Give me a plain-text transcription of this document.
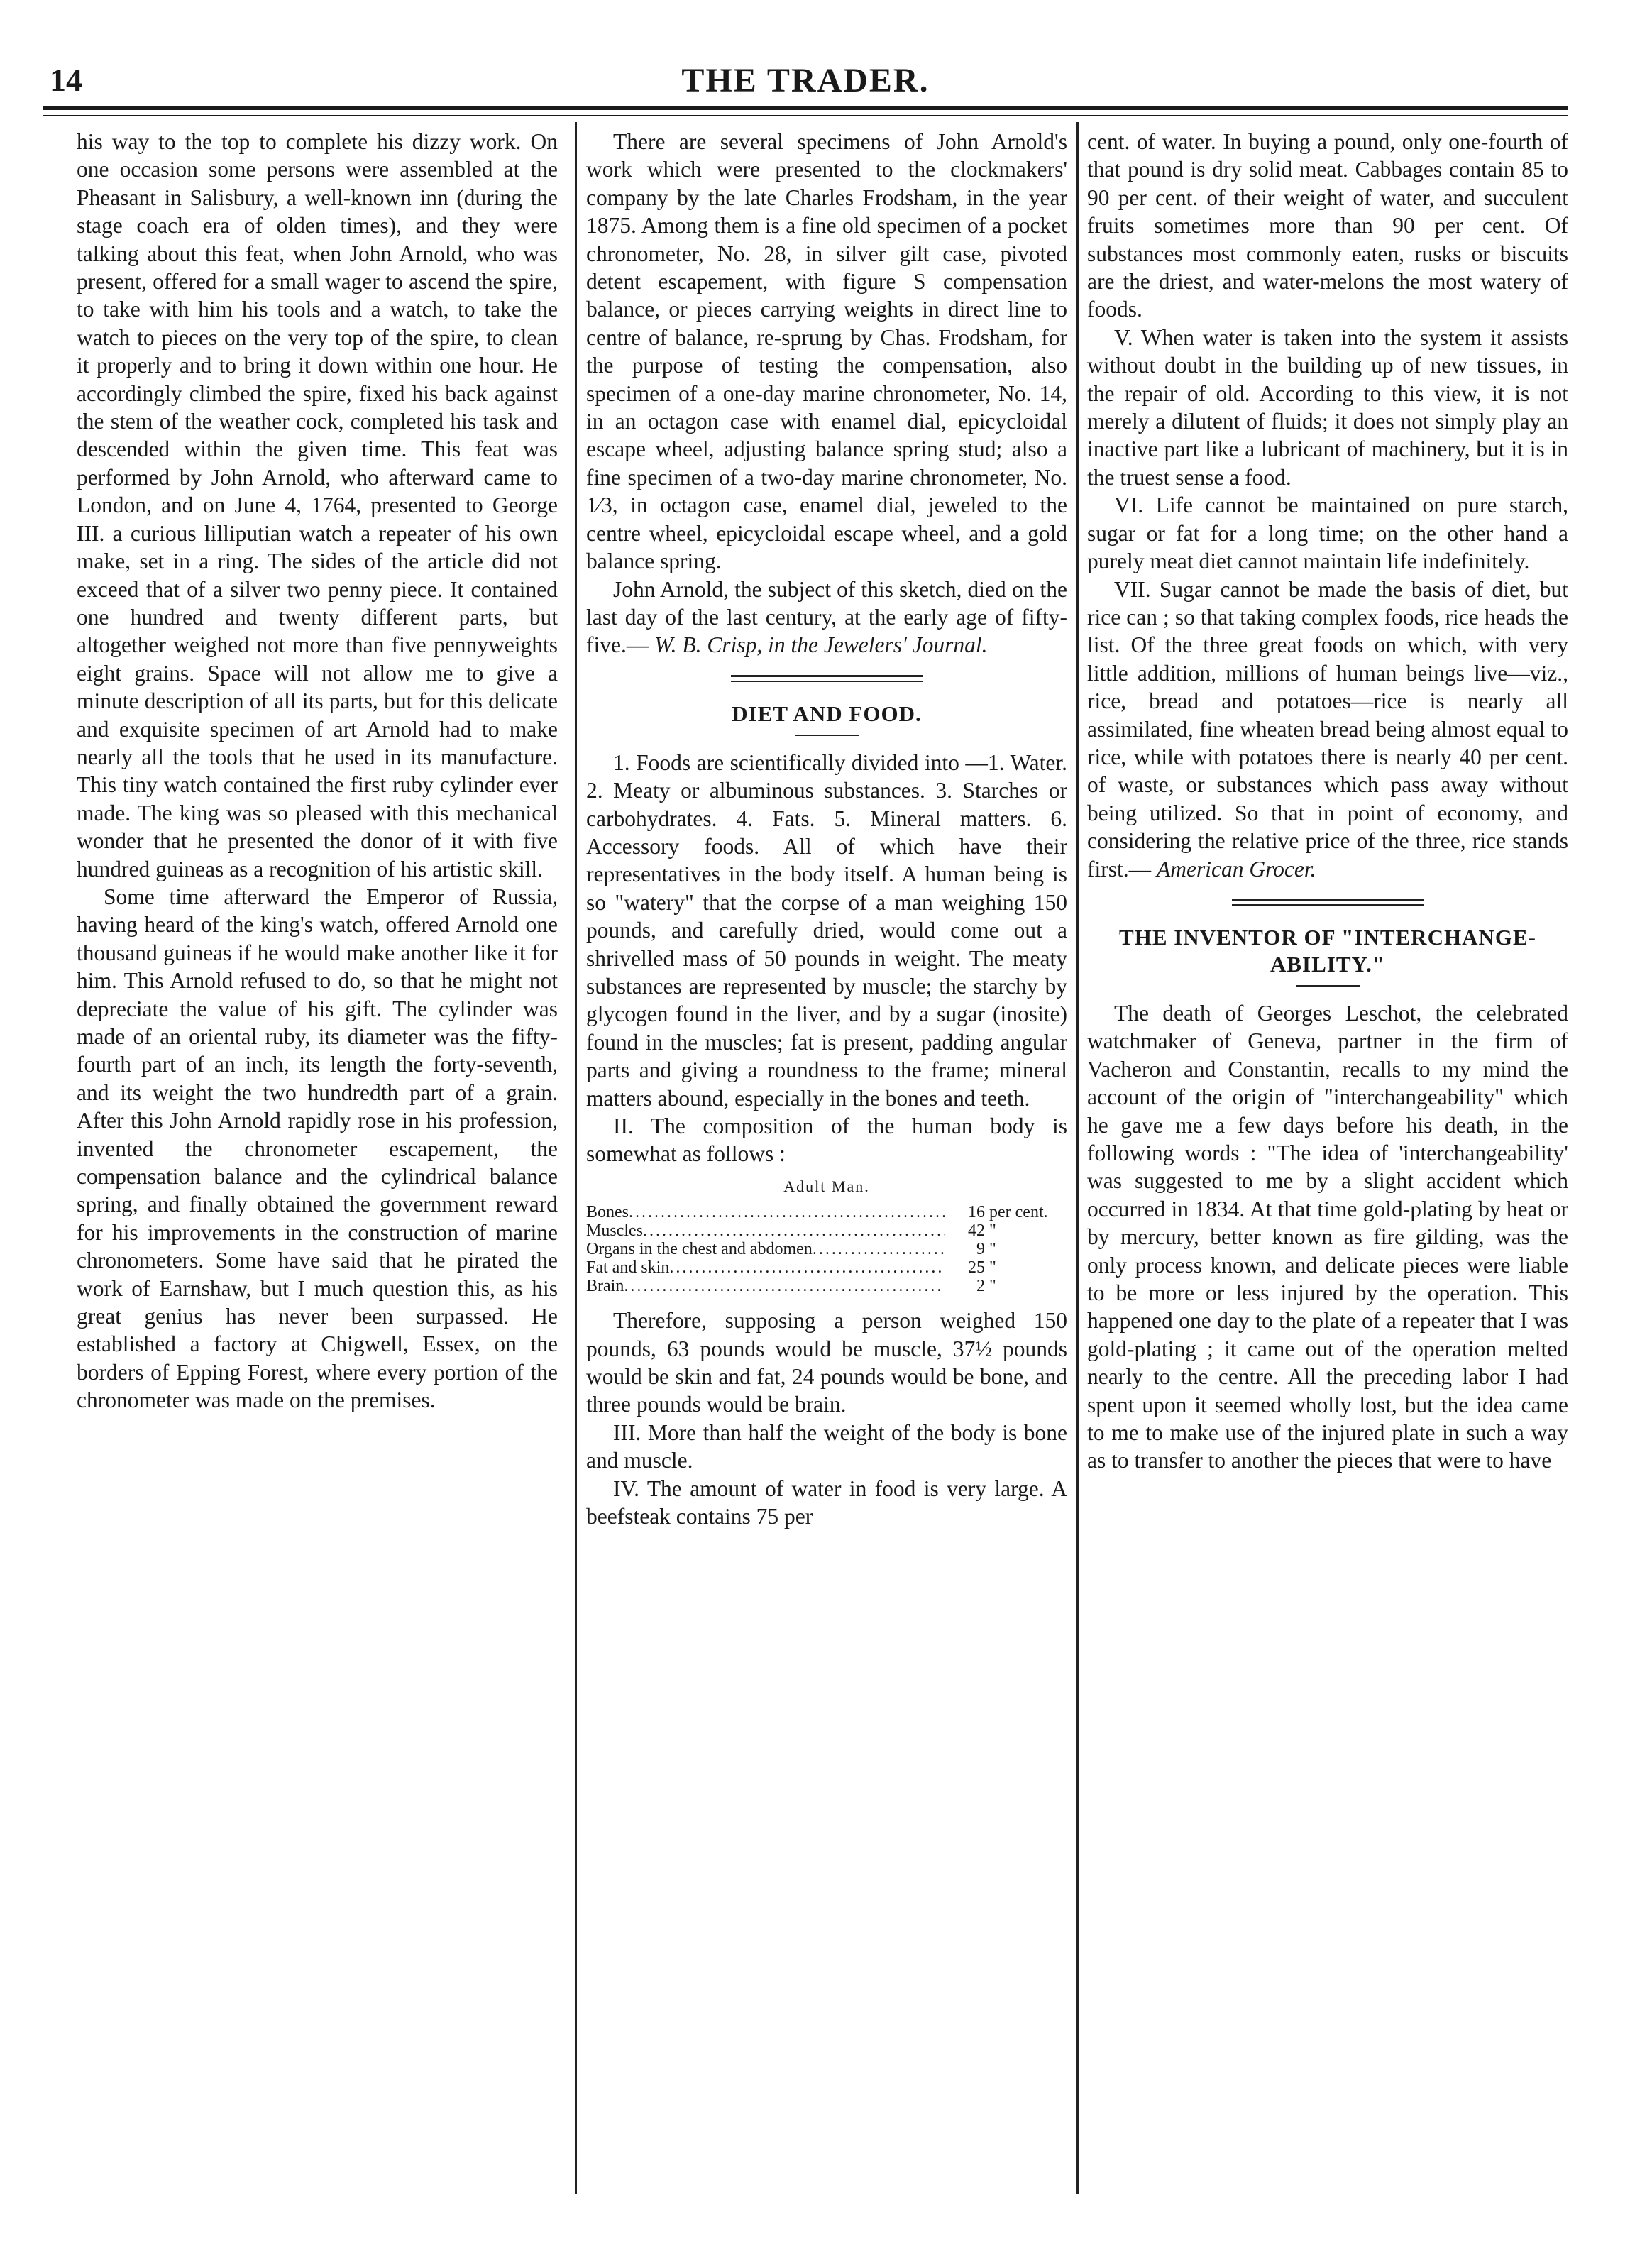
THE TRADER.
14

his way to the top to complete his dizzy work. On one occasion some persons were assembled at the Pheasant in Salisbury, a well-known inn (during the stage coach era of olden times), and they were talking about this feat, when John Arnold, who was present, offered for a small wager to ascend the spire, to take with him his tools and a watch, to take the watch to pieces on the very top of the spire, to clean it properly and to bring it down within one hour. He accordingly climbed the spire, fixed his back against the stem of the weather cock, completed his task and descended within the given time. This feat was performed by John Arnold, who afterward came to London, and on June 4, 1764, presented to George III. a curious lilliputian watch a repeater of his own make, set in a ring. The sides of the article did not exceed that of a silver two penny piece. It contained one hundred and twenty different parts, but altogether weighed not more than five pennyweights eight grains. Space will not allow me to give a minute description of all its parts, but for this delicate and exquisite specimen of art Arnold had to make nearly all the tools that he used in its manufacture. This tiny watch contained the first ruby cylinder ever made. The king was so pleased with this mechanical wonder that he presented the donor of it with five hundred guineas as a recognition of his artistic skill.

Some time afterward the Emperor of Russia, having heard of the king's watch, offered Arnold one thousand guineas if he would make another like it for him. This Arnold refused to do, so that he might not depreciate the value of his gift. The cylinder was made of an oriental ruby, its diameter was the fifty-fourth part of an inch, its length the forty-seventh, and its weight the two hundredth part of a grain. After this John Arnold rapidly rose in his profession, invented the chronometer escapement, the compensation balance and the cylindrical balance spring, and finally obtained the government reward for his improvements in the construction of marine chronometers. Some have said that he pirated the work of Earnshaw, but I much question this, as his great genius has never been surpassed. He established a factory at Chigwell, Essex, on the borders of Epping Forest, where every portion of the chronometer was made on the premises.

There are several specimens of John Arnold's work which were presented to the clockmakers' company by the late Charles Frodsham, in the year 1875. Among them is a fine old specimen of a pocket chronometer, No. 28, in silver gilt case, pivoted detent escapement, with figure S compensation balance, or pieces carrying weights in direct line to centre of balance, re-sprung by Chas. Frodsham, for the purpose of testing the compensation, also specimen of a one-day marine chronometer, No. 14, in an octagon case with enamel dial, epicycloidal escape wheel, adjusting balance spring stud; also a fine specimen of a two-day marine chronometer, No. 1⁄3, in octagon case, enamel dial, jeweled to the centre wheel, epicycloidal escape wheel, and a gold balance spring.

John Arnold, the subject of this sketch, died on the last day of the last century, at the early age of fifty-five.— W. B. Crisp, in the Jewelers' Journal.

DIET AND FOOD.

1. Foods are scientifically divided into —1. Water. 2. Meaty or albuminous substances. 3. Starches or carbohydrates. 4. Fats. 5. Mineral matters. 6. Accessory foods. All of which have their representatives in the body itself. A human being is so "watery" that the corpse of a man weighing 150 pounds, and carefully dried, would come out a shrivelled mass of 50 pounds in weight. The meaty substances are represented by muscle; the starchy by glycogen found in the liver, and by a sugar (inosite) found in the muscles; fat is present, padding angular parts and giving a roundness to the frame; mineral matters abound, especially in the bones and teeth.

II. The composition of the human body is somewhat as follows :

Adult Man.
Bones .....	16 per cent.
Muscles .....	42 "
Organs in the chest and abdomen .....	9 "
Fat and skin .....	25 "
Brain .....	2 "

Therefore, supposing a person weighed 150 pounds, 63 pounds would be muscle, 37½ pounds would be skin and fat, 24 pounds would be bone, and three pounds would be brain.

III. More than half the weight of the body is bone and muscle.

IV. The amount of water in food is very large. A beefsteak contains 75 per

cent. of water. In buying a pound, only one-fourth of that pound is dry solid meat. Cabbages contain 85 to 90 per cent. of their weight of water, and succulent fruits sometimes more than 90 per cent. Of substances most commonly eaten, rusks or biscuits are the driest, and water-melons the most watery of foods.

V. When water is taken into the system it assists without doubt in the building up of new tissues, in the repair of old. According to this view, it is not merely a dilutent of fluids; it does not simply play an inactive part like a lubricant of machinery, but it is in the truest sense a food.

VI. Life cannot be maintained on pure starch, sugar or fat for a long time; on the other hand a purely meat diet cannot maintain life indefinitely.

VII. Sugar cannot be made the basis of diet, but rice can ; so that taking complex foods, rice heads the list. Of the three great foods on which, with very little addition, millions of human beings live—viz., rice, bread and potatoes—rice is nearly all assimilated, fine wheaten bread being almost equal to rice, while with potatoes there is nearly 40 per cent. of waste, or substances which pass away without being utilized. So that in point of economy, and considering the relative price of the three, rice stands first.— American Grocer.

THE INVENTOR OF "INTERCHANGE-ABILITY."

The death of Georges Leschot, the celebrated watchmaker of Geneva, partner in the firm of Vacheron and Constantin, recalls to my mind the account of the origin of "interchangeability" which he gave me a few days before his death, in the following words : "The idea of 'interchangeability' was suggested to me by a slight accident which occurred in 1834. At that time gold-plating by heat or by mercury, better known as fire gilding, was the only process known, and delicate pieces were liable to be more or less injured by the operation. This happened one day to the plate of a repeater that I was gold-plating ; it came out of the operation melted nearly to the centre. All the preceding labor I had spent upon it seemed wholly lost, but the idea came to me to make use of the injured plate in such a way as to transfer to another the pieces that were to have
